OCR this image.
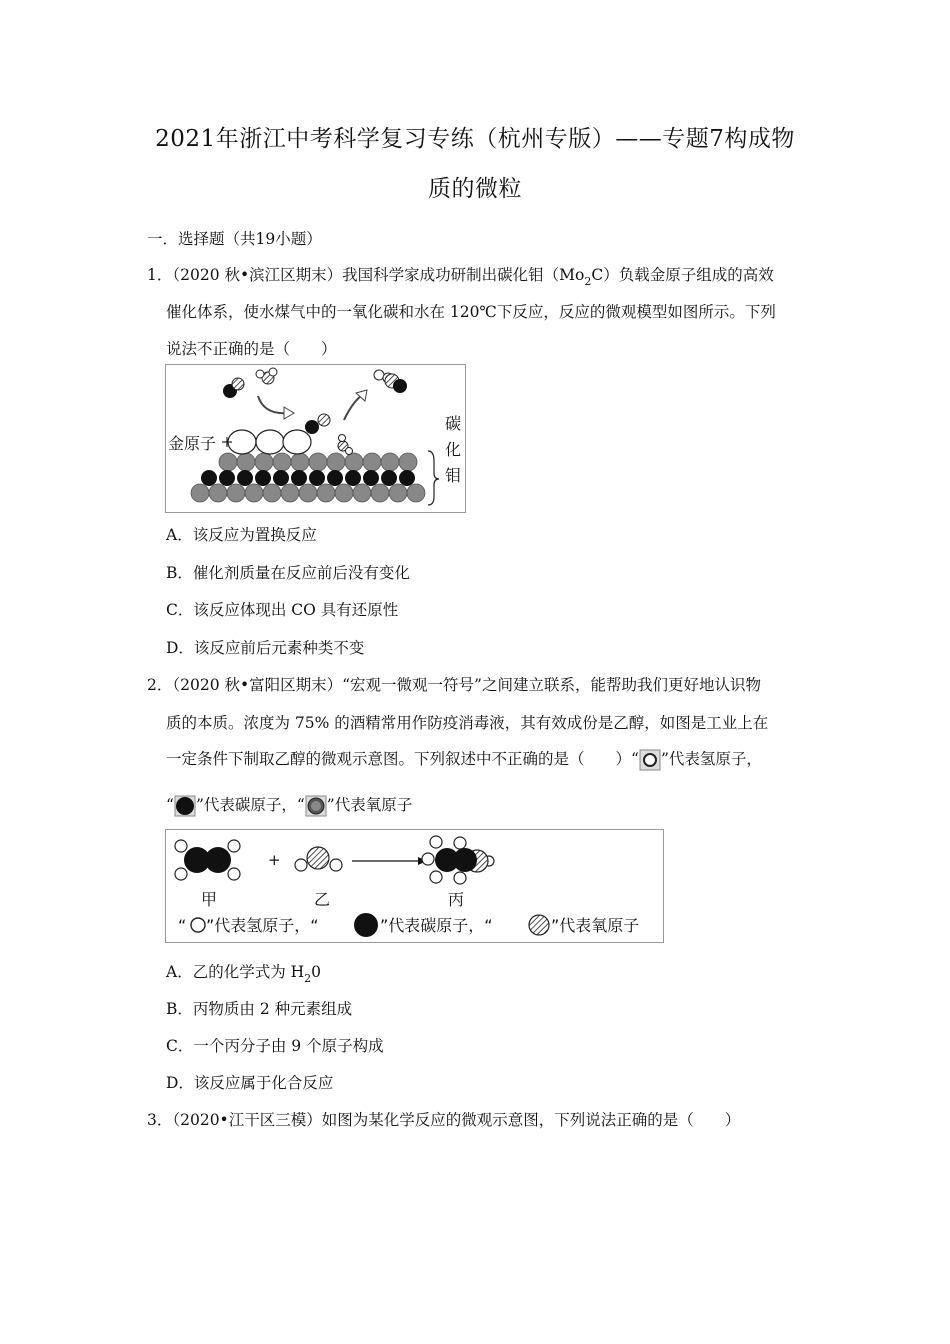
2021年浙江中考科学复习专练（杭州专版）——专题7构成物
质的微粒
一．选择题（共19小题）
1．（2020 秋•滨江区期末）我国科学家成功研制出碳化钼$(Mo_2C)$负载金原子组成的高效
催化体系，使水煤气中的一氧化碳和水在 120℃下反应，反应的微观模型如图所示。下列
说法不正确的是（　　）
金原子
碳
化
钼
A．该反应为置换反应
B．催化剂质量在反应前后没有变化
C．该反应体现出 CO 具有还原性
D．该反应前后元素种类不变
2．（2020 秋•富阳区期末）“宏观一微观一符号”之间建立联系，能帮助我们更好地认识物
质的本质。浓度为 75% 的酒精常用作防疫消毒液，其有效成份是乙醇，如图是工业上在
一定条件下制取乙醇的微观示意图。下列叙述中不正确的是（　　）“ ”代表氢原子，
“ ”代表碳原子，“ ”代表氧原子
+
甲	乙	丙
“ ”代表氢原子，“	”代表碳原子，“	”代表氧原子
A．乙的化学式为 $H_20$
B．丙物质由 2 种元素组成
C．一个丙分子由 9 个原子构成
D．该反应属于化合反应
3．（2020•江干区三模）如图为某化学反应的微观示意图，下列说法正确的是（　　）
